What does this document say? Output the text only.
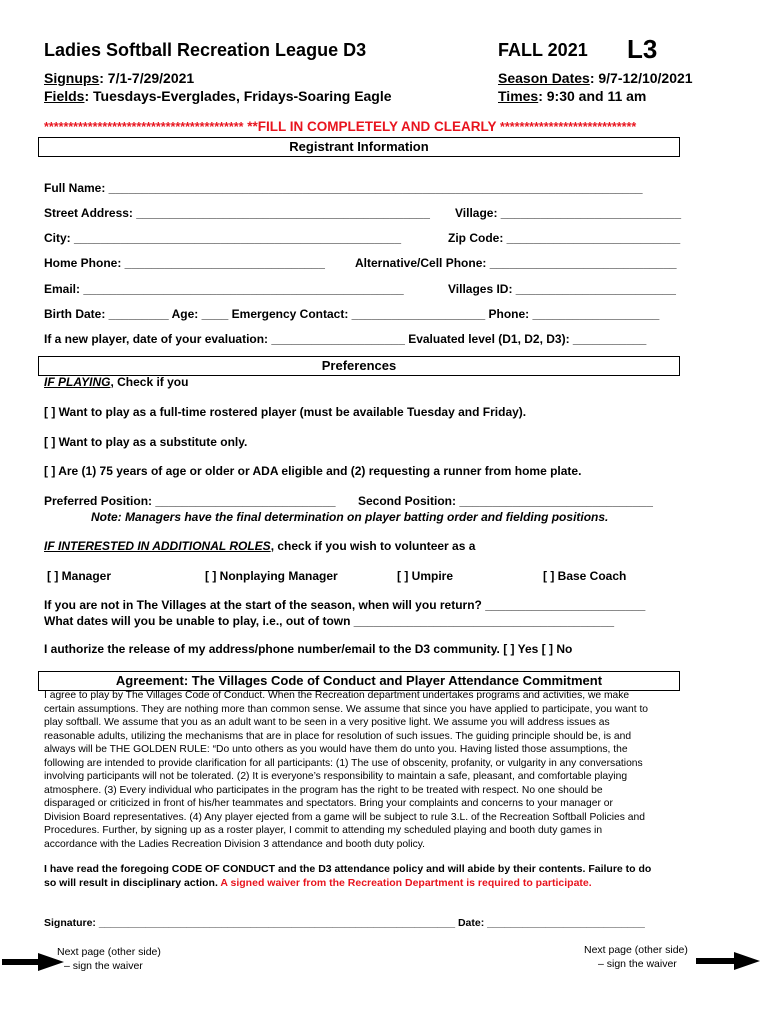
Ladies Softball Recreation League D3	FALL 2021 L3
Signups: 7/1-7/29/2021
Fields: Tuesdays-Everglades, Fridays-Soaring Eagle
Season Dates: 9/7-12/10/2021
Times: 9:30 and 11 am
***************************************** **FILL IN COMPLETELY AND CLEARLY ****************************
Registrant Information
Full Name: ________________________________________________________________________________
Street Address: ____________________________________________ Village: ___________________________
City: _________________________________________________	Zip Code: __________________________
Home Phone: ______________________________	Alternative/Cell Phone: ____________________________
Email: ________________________________________________	Villages ID: ________________________
Birth Date: _________ Age: ____ Emergency Contact: ____________________ Phone: ___________________
If a new player, date of your evaluation: ____________________ Evaluated level (D1, D2, D3): ___________
Preferences
IF PLAYING, Check if you
[ ] Want to play as a full-time rostered player (must be available Tuesday and Friday).
[ ] Want to play as a substitute only.
[ ] Are (1) 75 years of age or older or ADA eligible and (2) requesting a runner from home plate.
Preferred Position: ___________________________ Second Position: _____________________________
Note: Managers have the final determination on player batting order and fielding positions.
IF INTERESTED IN ADDITIONAL ROLES, check if you wish to volunteer as a
[ ] Manager	[ ] Nonplaying Manager	[ ] Umpire	[ ] Base Coach
If you are not in The Villages at the start of the season, when will you return? ________________________
What dates will you be unable to play, i.e., out of town _______________________________________
I authorize the release of my address/phone number/email to the D3 community. [ ] Yes [ ] No
Agreement: The Villages Code of Conduct and Player Attendance Commitment
I agree to play by The Villages Code of Conduct. When the Recreation department undertakes programs and activities, we make
certain assumptions. They are nothing more than common sense. We assume that since you have applied to participate, you want to
play softball. We assume that you as an adult want to be seen in a very positive light. We assume you will address issues as
reasonable adults, utilizing the mechanisms that are in place for resolution of such issues. The guiding principle should be, is and
always will be THE GOLDEN RULE: “Do unto others as you would have them do unto you. Having listed those assumptions, the
following are intended to provide clarification for all participants: (1) The use of obscenity, profanity, or vulgarity in any conversations
involving participants will not be tolerated. (2) It is everyone’s responsibility to maintain a safe, pleasant, and comfortable playing
atmosphere. (3) Every individual who participates in the program has the right to be treated with respect. No one should be
disparaged or criticized in front of his/her teammates and spectators. Bring your complaints and concerns to your manager or
Division Board representatives. (4) Any player ejected from a game will be subject to rule 3.L. of the Recreation Softball Policies and
Procedures. Further, by signing up as a roster player, I commit to attending my scheduled playing and booth duty games in
accordance with the Ladies Recreation Division 3 attendance and booth duty policy.
I have read the foregoing CODE OF CONDUCT and the D3 attendance policy and will abide by their contents. Failure to do
so will result in disciplinary action. A signed waiver from the Recreation Department is required to participate.
Signature: _____________________________________________________________ Date: ___________________________
Next page (other side)
– sign the waiver
Next page (other side)
– sign the waiver
